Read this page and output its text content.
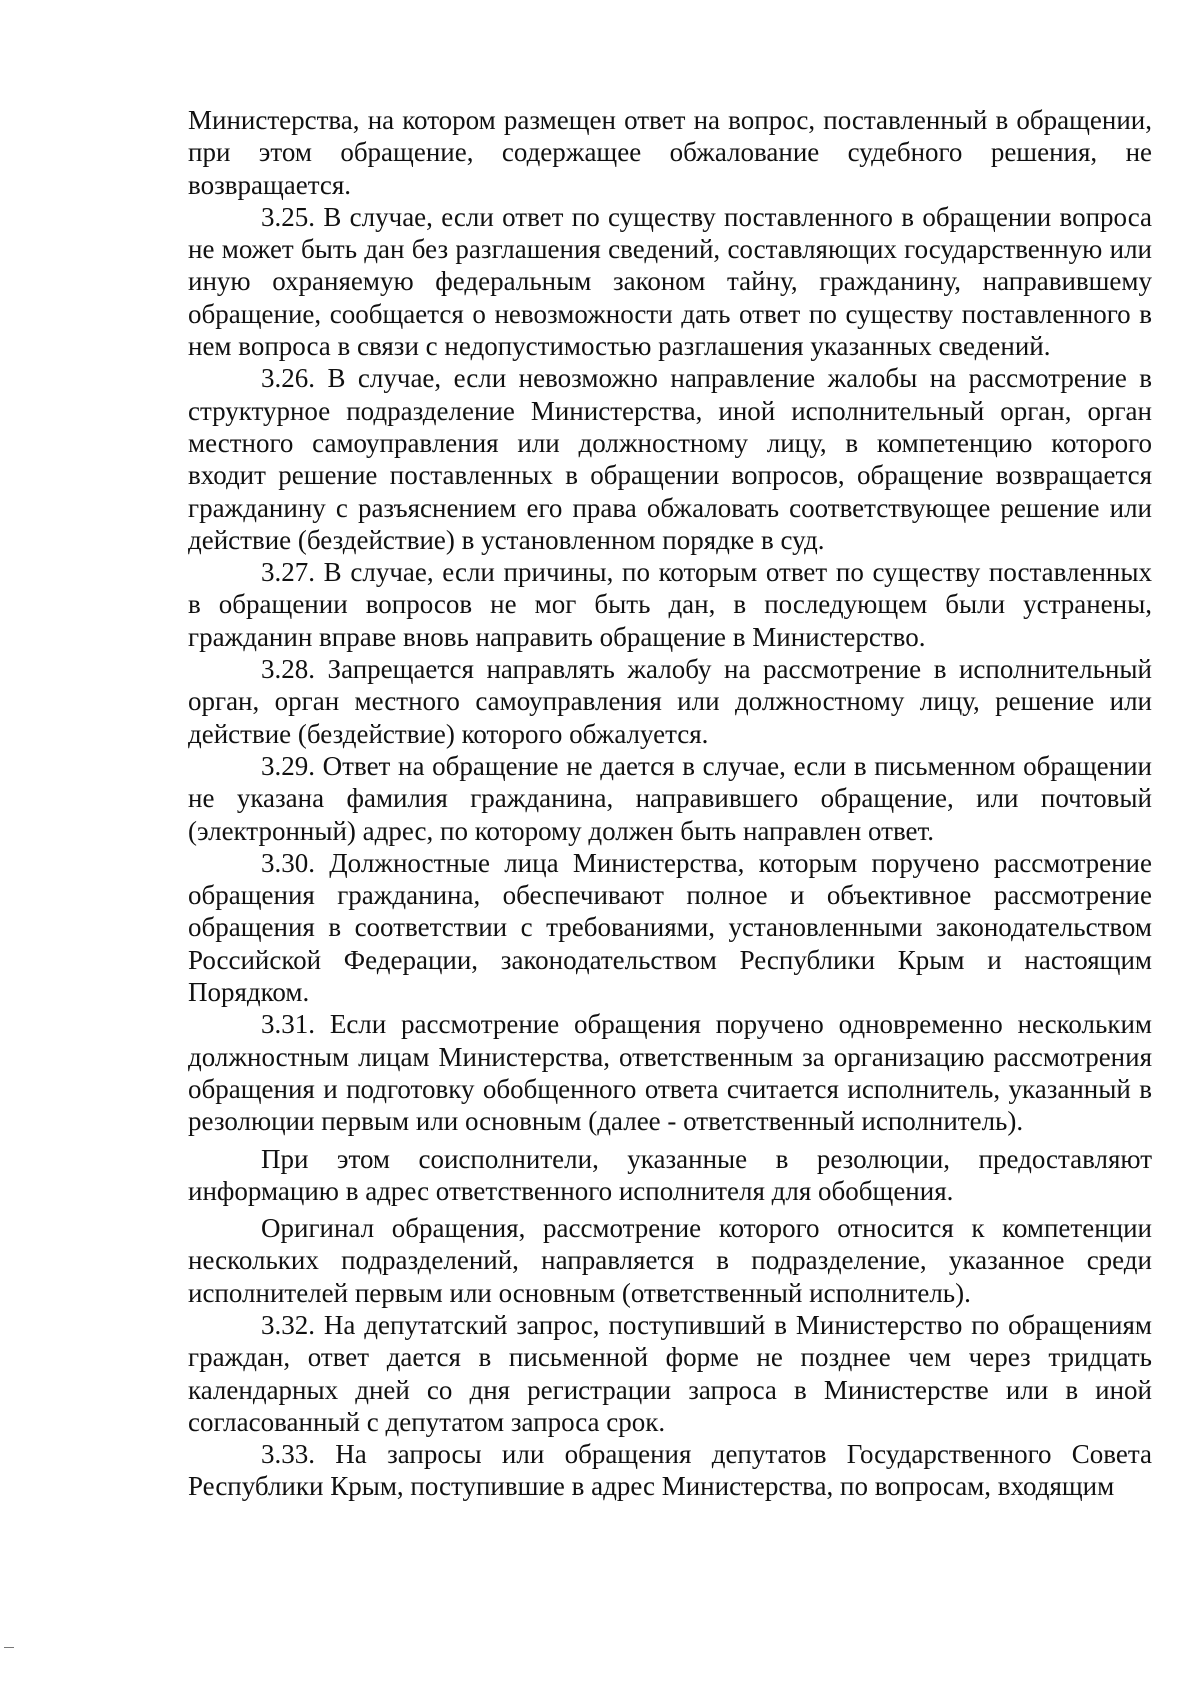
Министерства, на котором размещен ответ на вопрос, поставленный в обращении, при этом обращение, содержащее обжалование судебного решения, не возвращается.

3.25. В случае, если ответ по существу поставленного в обращении вопроса не может быть дан без разглашения сведений, составляющих государственную или иную охраняемую федеральным законом тайну, гражданину, направившему обращение, сообщается о невозможности дать ответ по существу поставленного в нем вопроса в связи с недопустимостью разглашения указанных сведений.

3.26. В случае, если невозможно направление жалобы на рассмотрение в структурное подразделение Министерства, иной исполнительный орган, орган местного самоуправления или должностному лицу, в компетенцию которого входит решение поставленных в обращении вопросов, обращение возвращается гражданину с разъяснением его права обжаловать соответствующее решение или действие (бездействие) в установленном порядке в суд.

3.27. В случае, если причины, по которым ответ по существу поставленных в обращении вопросов не мог быть дан, в последующем были устранены, гражданин вправе вновь направить обращение в Министерство.

3.28. Запрещается направлять жалобу на рассмотрение в исполнительный орган, орган местного самоуправления или должностному лицу, решение или действие (бездействие) которого обжалуется.

3.29. Ответ на обращение не дается в случае, если в письменном обращении не указана фамилия гражданина, направившего обращение, или почтовый (электронный) адрес, по которому должен быть направлен ответ.

3.30. Должностные лица Министерства, которым поручено рассмотрение обращения гражданина, обеспечивают полное и объективное рассмотрение обращения в соответствии с требованиями, установленными законодательством Российской Федерации, законодательством Республики Крым и настоящим Порядком.

3.31. Если рассмотрение обращения поручено одновременно нескольким должностным лицам Министерства, ответственным за организацию рассмотрения обращения и подготовку обобщенного ответа считается исполнитель, указанный в резолюции первым или основным (далее - ответственный исполнитель).

При этом соисполнители, указанные в резолюции, предоставляют информацию в адрес ответственного исполнителя для обобщения.

Оригинал обращения, рассмотрение которого относится к компетенции нескольких подразделений, направляется в подразделение, указанное среди исполнителей первым или основным (ответственный исполнитель).

3.32. На депутатский запрос, поступивший в Министерство по обращениям граждан, ответ дается в письменной форме не позднее чем через тридцать календарных дней со дня регистрации запроса в Министерстве или в иной согласованный с депутатом запроса срок.

3.33. На запросы или обращения депутатов Государственного Совета Республики Крым, поступившие в адрес Министерства, по вопросам, входящим
